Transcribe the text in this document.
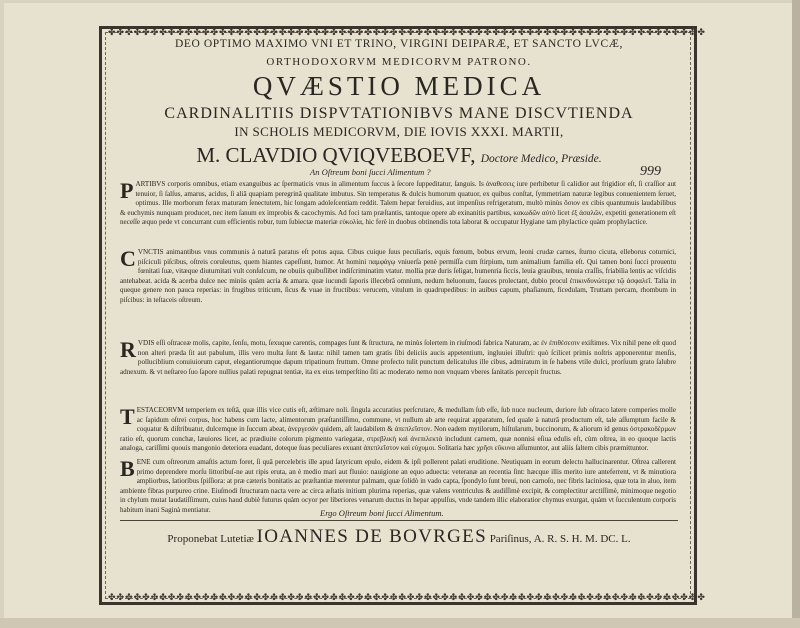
✤✤✤✤✤✤✤✤✤✤✤✤✤✤✤✤✤✤✤✤✤✤✤✤✤✤✤✤✤✤✤✤✤✤✤✤✤✤✤✤✤✤✤✤✤✤✤✤✤✤✤✤✤✤✤✤✤✤✤✤✤✤✤✤✤✤✤✤✤✤
✤✤✤✤✤✤✤✤✤✤✤✤✤✤✤✤✤✤✤✤✤✤✤✤✤✤✤✤✤✤✤✤✤✤✤✤✤✤✤✤✤✤✤✤✤✤✤✤✤✤✤✤✤✤✤✤✤✤✤✤✤✤✤✤✤✤✤✤✤✤
DEO OPTIMO MAXIMO VNI ET TRINO, VIRGINI DEIPARÆ, ET SANCTO LVCÆ,
ORTHODOXORVM MEDICORVM PATRONO.
QVÆSTIO MEDICA
CARDINALITIIS DISPVTATIONIBVS MANE DISCVTIENDA
IN SCHOLIS MEDICORVM, DIE IOVIS XXXI. MARTII,
M. CLAVDIO QVIQVEBOEVF, Doctore Medico, Præside.
An Oſtreum boni ſucci Alimentum ?	999
PARTIBVS corporis omnibus, etiam exanguibus ac ſpermaticis vnus in alimentum ſuccus à ſecore ſuppeditatur, ſanguis. Is ἀναθεσεις iure perhibetur ſi calidior aut frigidior eſt, ſi craſſior aut tenuior, ſi ſalſus, amarus, acidus, ſi aliâ quapiam peregrinâ qualitate imbutus. Sin temperatus & dulcis humorum quatuor, ex quibus conſtat, ſymmetriam naturæ legibus conuenientem ſeruet, optimus. Ille morborum ferax maturam ſenectutem, hic longam adoleſcentiam reddit. Talem hepar feruidius, aut impenſius refrigeratum, multò minùs ὅσιον ex cibis quantumuis laudabilibus & euchymis nunquam producet, nec item ſanum ex improbis & cacochymis. Ad foci tam præſtantis, tantoque opere ab exinanitis partibus, κακωδῶν αὐτὸ licet ἐξ ἀσαλῶν, expetiti generationem eſt neceſſe æquo pede vt concurrant cum efficientis robur, tum ſubiectæ materiæ εὐκολία, hic ferè in duobus obtinendis tota laborat & occupatur Hygiane tam phylactice quàm prophylactice.
CVNCTIS animantibus vnus communis à naturâ paratus eſt potus aqua. Cibus cuique ſuus peculiaris, equis fœnum, bobus ervum, leoni crudæ carnes, ſturno cicuta, elleborus coturnici, piſciculi piſcibus, oſtreis coruleutus, quem hiantes capeſſunt, humor. At homini παμφάγῳ vniuerſa penè permiſſa cum ſtirpium, tum animalium familia eſt. Qui tamen boni ſucci prouentu fœnitati ſuæ, vitæque diuturnitati vult conſulcum, ne obuiis quibuſlibet indiſcriminatim vtatur. mollia præ duris ſeligat, humenria ſiccis, leuia grauibus, tenuia craſſis, friabilia lentis ac viſcidis antehabeat. acida & acerba dulce nec minùs quàm acria & amara. quæ iucundi ſaporis illecebrâ omnium, nedum heluonum, fauces prolectant, dubio procul ἐπικινδυνώτερα τῷ ἀσφαλεῖ. Talia in queque genere non pauca reperias: in frugibus triticum, ſicus & vuae in fructibus: verucem, vitulum in quadrupedibus: in auibus capum, phaſianum, ficedulam, Truttam percam, rhombum in piſcibus: in teſtaceis oſtreum.
RVDIS eſſi oſtraceæ molis, capite, ſenſu, motu, ſexuque carentis, compages ſunt & ſtructura, ne minùs ſolertem in riuſmodi fabrica Naturam, ac ἐν ἐπιθέσεσιν exiſtimes. Vix nihil pene eſt quod non alteri præda ſit aut pabulum, illis vero multa ſunt & lauta: nihil tamen tam gratis ſibi deliciis aucis appetentium, ingluuiei illuſtri: quò ſcilicet primis noſtris apponerentur menſis, polluciblium conuiuiorum caput, elegantiorumque dapum tripatinum fruttum. Omne profecto tulit punctum delicatulus ille cibus, admiratum in ſe habens vtile dulci, prorſuum grato ſalubre adnexum. & vt neſtareo ſuo ſapore nullius palati repugnat tentiæ, ita ex eius temperſtino ſiti ac moderato nemo non vnquam vberes ſanitatis percepit fructus.
TESTACEORVM temperiem ex teſtâ, quæ illis vice cutis eſt, æſtimare noli. ſingula accuratius perſcrutare, & medullam ſub eſſe, ſub nuce nucleum, duriore ſub oſtraco latere comperies molle ac ſapidum oſtrei corpus, hoc habens cum lacte, alimentorum præſtantiſſimo, commune, vt nullum ab arte requirat apparatum, ſed quale à naturâ productum eſt, tale aſſumptum facile & coquatur & diſtribuatur, dulcemque in ſuccum abeat, ἀνεργεσάν quidem, aſt laudabilem & ἀπεπλεῖστον. Non eadem mytilorum, hiſtularum, buccinorum, & aliorum id genus ὀστρακοδέρμων ratio eſt, quorum conchæ, læuiores licet, ac prædiuite colorum pigmento variegatæ, στρεβλικὴ καὶ ἀνεπιλεκτὰ includunt carnem, quæ nonnisi eſiua edulis eſt, cùm oſtrea, in eo quoque lactis analoga, cariſſimi quouis mangonio deteriora euadant, doteque ſuas peculiares exuant ἀπεπλεῖστον καὶ εὐχυμοι. Solitaria hæc χρῆσι εὔκυνα aſſumuntor, aut aliis ſaltem cibis præmittuntor.
BENE cum oſtreorum amaſtis actum foret, ſi quā percelebris ille apud ſatyricum epulo, eidem & ipſi pollerent palati eruditione. Neutiquam in eorum delectu hallucinarentur. Oſtrea callerent primo deprendere morſu littoribuſ-ne aut ripis eruta, an è medio mari aut fluuio: nauigione an equo aduecta: veteranæ an recentia ſint: hæcque illis merito iure anteferrent, vt & minutiora ampliorbus, latioribus ſpiſſiora: at præ cæteris bonitatis ac præſtantiæ merentur palmam, quæ ſolidò in vado capta, ſpondylo ſunt breui, non carnoſo, nec fibris laciniosa, quæ tota in aluo, item ambiente fibras purpureo crine. Eiuſmodi ſtructuram nacta vere ac circa æſtatis initium plurima reperias, quæ valens ventriculus & audiſſimè excipit, & complectitur arctiſſimè, minimoque negotio in chylum mutat laudatiſſimum, cuius haud dubiè futurus quàm ocyor per liberiores venarum ductus in hepar appulſus, vnde tandem illic elaboratior chymus exurgat, quàm vt ſucculentum corporis habitum inani Saginà mentiatur.	Ergo Oſtreum boni ſucci Alimentum.
Proponebat Lutetiæ IOANNES DE BOVRGES Pariſinus, A. R. S. H. M. DC. L.
